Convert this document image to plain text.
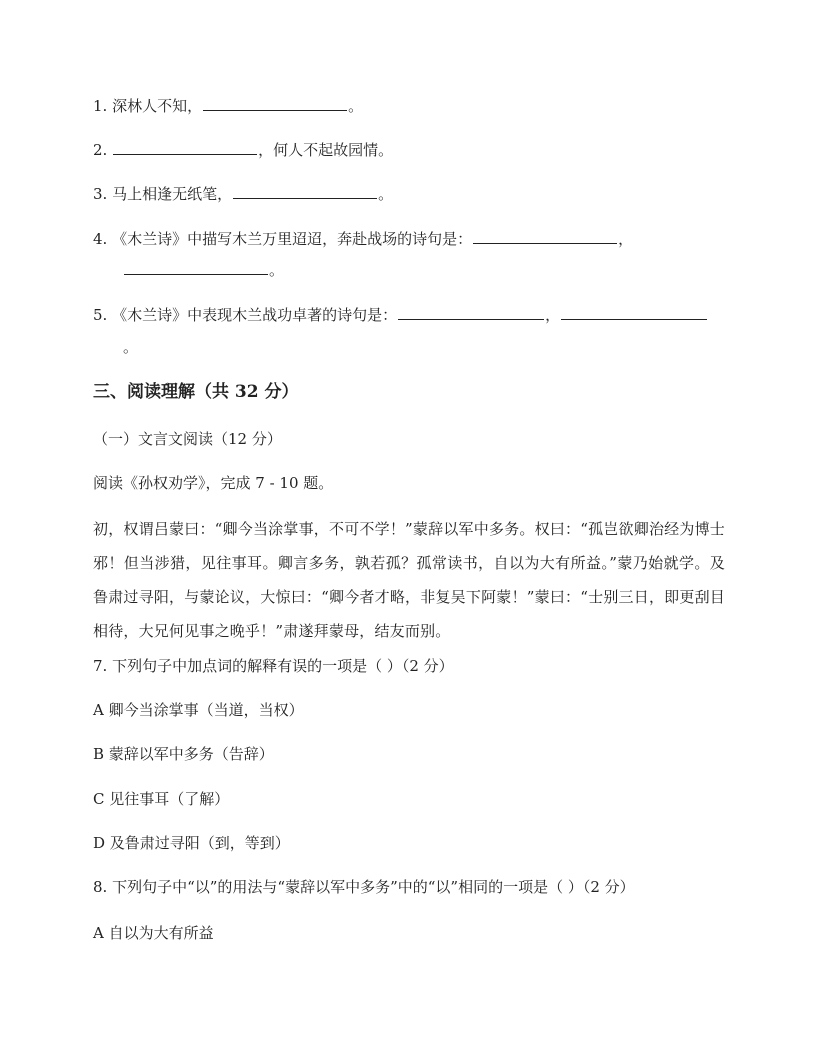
1. 深林人不知，	。
2.	，何人不起故园情。
3. 马上相逢无纸笔，	。
4. 《木兰诗》中描写木兰万里迢迢，奔赴战场的诗句是：	，
。
5. 《木兰诗》中表现木兰战功卓著的诗句是：	，
。
三、阅读理解（共 32 分）
（一）文言文阅读（12 分）
阅读《孙权劝学》，完成 7 - 10 题。
初，权谓吕蒙曰：“卿今当涂掌事，不可不学！”蒙辞以军中多务。权曰：“孤岂欲卿治经为博士邪！但当涉猎，见往事耳。卿言多务，孰若孤？孤常读书，自以为大有所益。”蒙乃始就学。及鲁肃过寻阳，与蒙论议，大惊曰：“卿今者才略，非复吴下阿蒙！”蒙曰：“士别三日，即更刮目相待，大兄何见事之晚乎！”肃遂拜蒙母，结友而别。
7. 下列句子中加点词的解释有误的一项是（ ）（2 分）
A 卿今当涂掌事（当道，当权）
B 蒙辞以军中多务（告辞）
C 见往事耳（了解）
D 及鲁肃过寻阳（到，等到）
8. 下列句子中“以”的用法与“蒙辞以军中多务”中的“以”相同的一项是（ ）（2 分）
A 自以为大有所益
